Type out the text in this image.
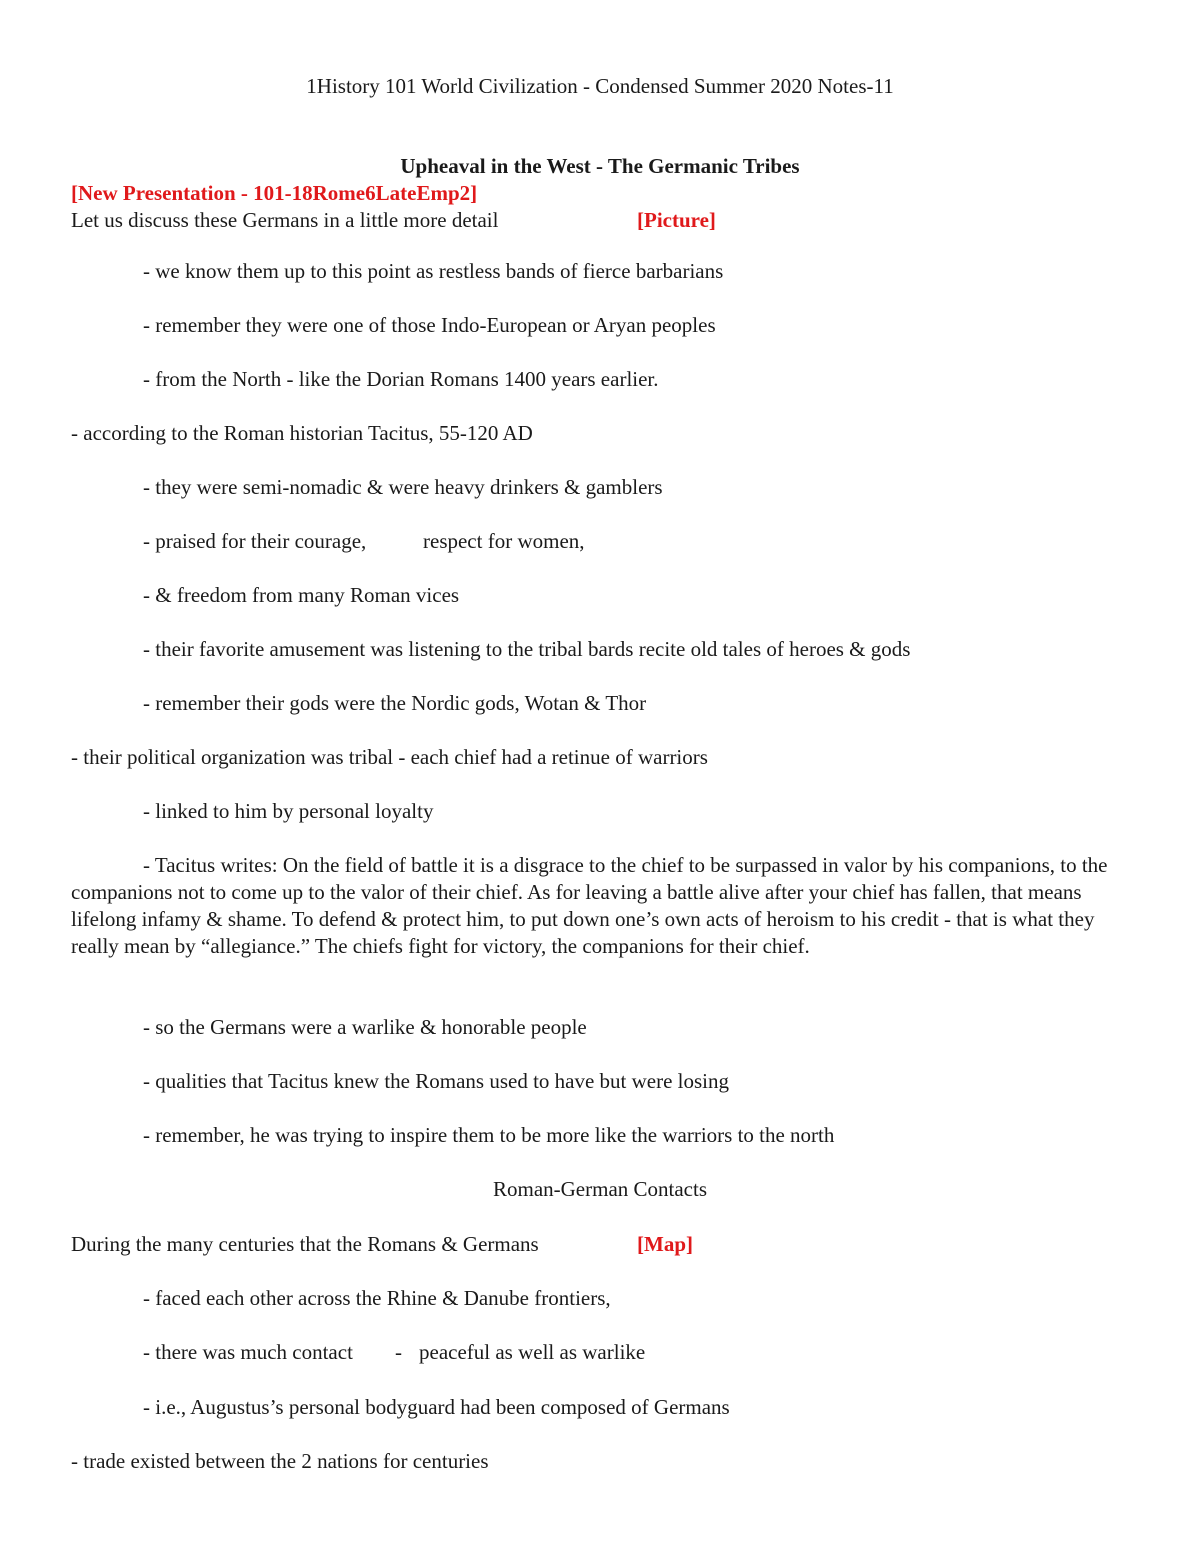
1History 101 World Civilization - Condensed Summer 2020 Notes-11
Upheaval in the West - The Germanic Tribes
[New Presentation - 101-18Rome6LateEmp2]
Let us discuss these Germans in a little more detail	[Picture]
- we know them up to this point as restless bands of fierce barbarians
- remember they were one of those Indo-European or Aryan peoples
- from the North - like the Dorian Romans 1400 years earlier.
- according to the Roman historian Tacitus, 55-120 AD
- they were semi-nomadic & were heavy drinkers & gamblers
- praised for their courage,	respect for women,
- & freedom from many Roman vices
- their favorite amusement was listening to the tribal bards recite old tales of heroes & gods
- remember their gods were the Nordic gods, Wotan & Thor
- their political organization was tribal - each chief had a retinue of warriors
- linked to him by personal loyalty
- Tacitus writes: On the field of battle it is a disgrace to the chief to be surpassed in valor by his companions, to the companions not to come up to the valor of their chief. As for leaving a battle alive after your chief has fallen, that means lifelong infamy & shame. To defend & protect him, to put down one’s own acts of heroism to his credit - that is what they really mean by “allegiance.” The chiefs fight for victory, the companions for their chief.
- so the Germans were a warlike & honorable people
- qualities that Tacitus knew the Romans used to have but were losing
- remember, he was trying to inspire them to be more like the warriors to the north
Roman-German Contacts
During the many centuries that the Romans & Germans	[Map]
- faced each other across the Rhine & Danube frontiers,
- there was much contact - peaceful as well as warlike
- i.e., Augustus’s personal bodyguard had been composed of Germans
- trade existed between the 2 nations for centuries
